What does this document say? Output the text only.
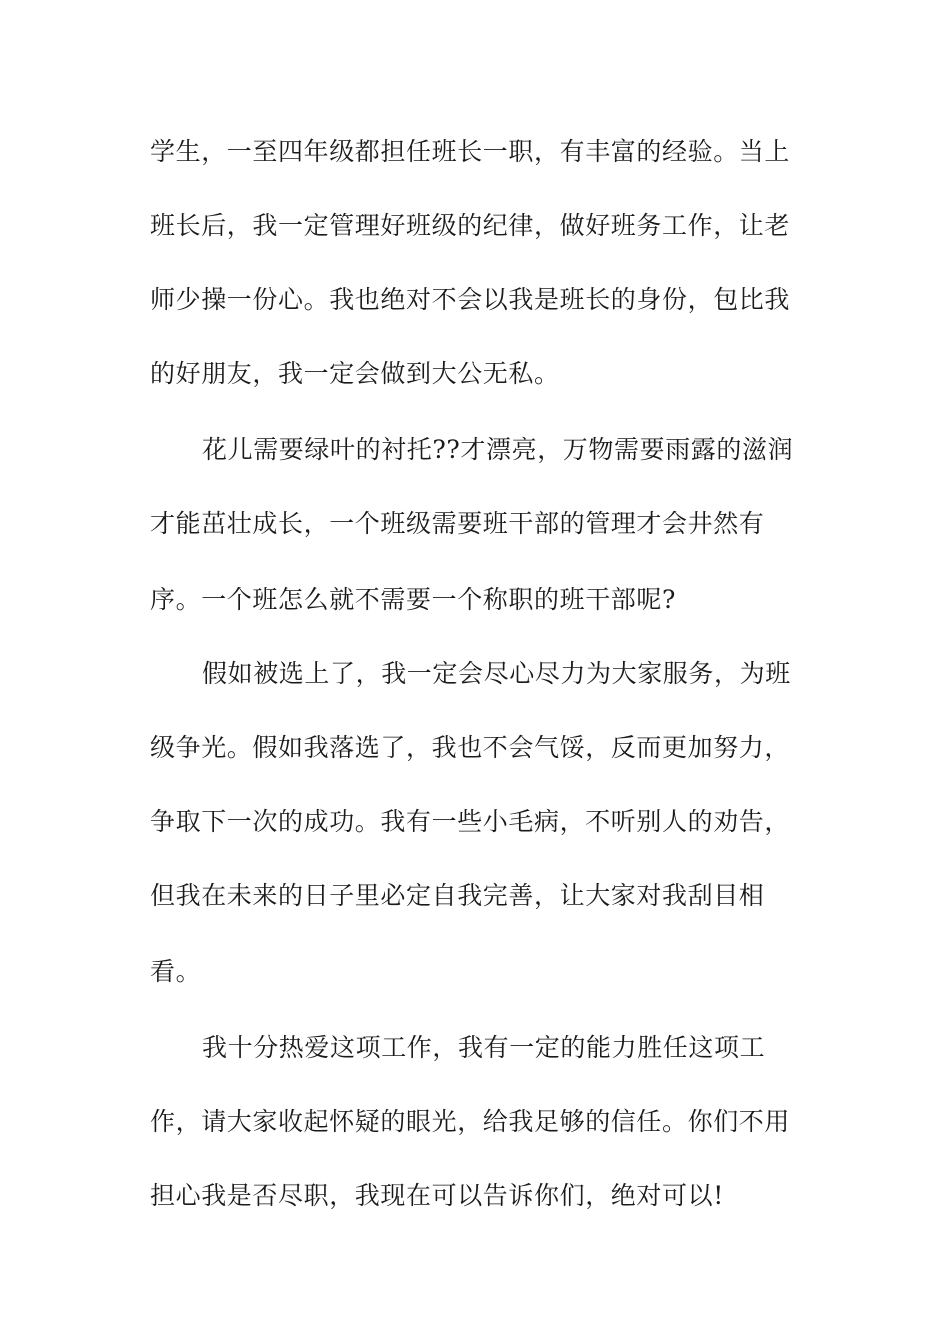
学生，一至四年级都担任班长一职，有丰富的经验。当上
班长后，我一定管理好班级的纪律，做好班务工作，让老
师少操一份心。我也绝对不会以我是班长的身份，包比我
的好朋友，我一定会做到大公无私。
花儿需要绿叶的衬托??才漂亮，万物需要雨露的滋润
才能茁壮成长，一个班级需要班干部的管理才会井然有
序。一个班怎么就不需要一个称职的班干部呢?
假如被选上了，我一定会尽心尽力为大家服务，为班
级争光。假如我落选了，我也不会气馁，反而更加努力，
争取下一次的成功。我有一些小毛病，不听别人的劝告，
但我在未来的日子里必定自我完善，让大家对我刮目相
看。
我十分热爱这项工作，我有一定的能力胜任这项工
作，请大家收起怀疑的眼光，给我足够的信任。你们不用
担心我是否尽职，我现在可以告诉你们，绝对可以!
